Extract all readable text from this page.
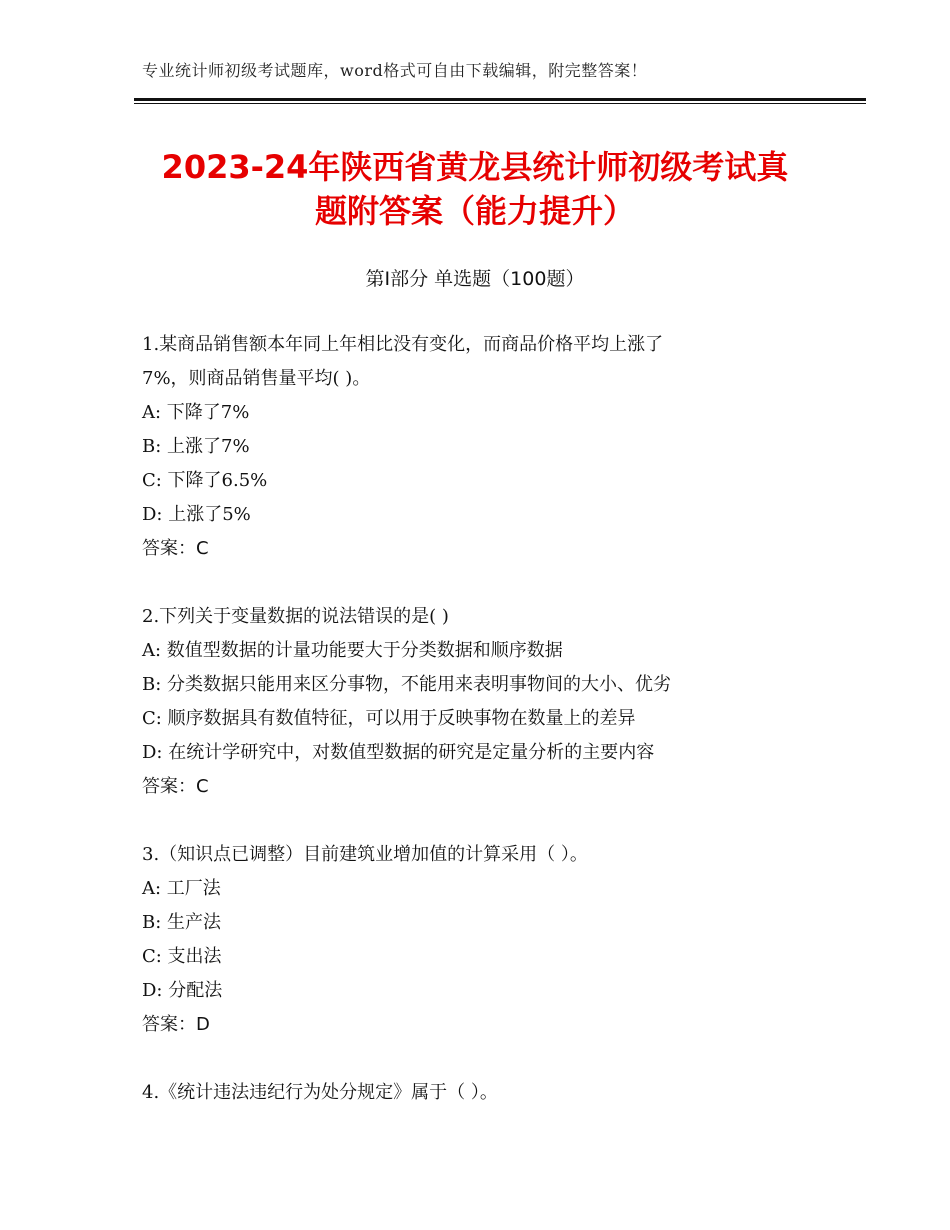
专业统计师初级考试题库，word格式可自由下载编辑，附完整答案！
2023-24年陕西省黄龙县统计师初级考试真
题附答案（能力提升）
第Ⅰ部分 单选题（100题）
1.某商品销售额本年同上年相比没有变化，而商品价格平均上涨了
7%，则商品销售量平均( )。
A: 下降了7%
B: 上涨了7%
C: 下降了6.5%
D: 上涨了5%
答案：C
2.下列关于变量数据的说法错误的是( )
A: 数值型数据的计量功能要大于分类数据和顺序数据
B: 分类数据只能用来区分事物，不能用来表明事物间的大小、优劣
C: 顺序数据具有数值特征，可以用于反映事物在数量上的差异
D: 在统计学研究中，对数值型数据的研究是定量分析的主要内容
答案：C
3.（知识点已调整）目前建筑业增加值的计算采用（ ）。
A: 工厂法
B: 生产法
C: 支出法
D: 分配法
答案：D
4.《统计违法违纪行为处分规定》属于（ ）。
